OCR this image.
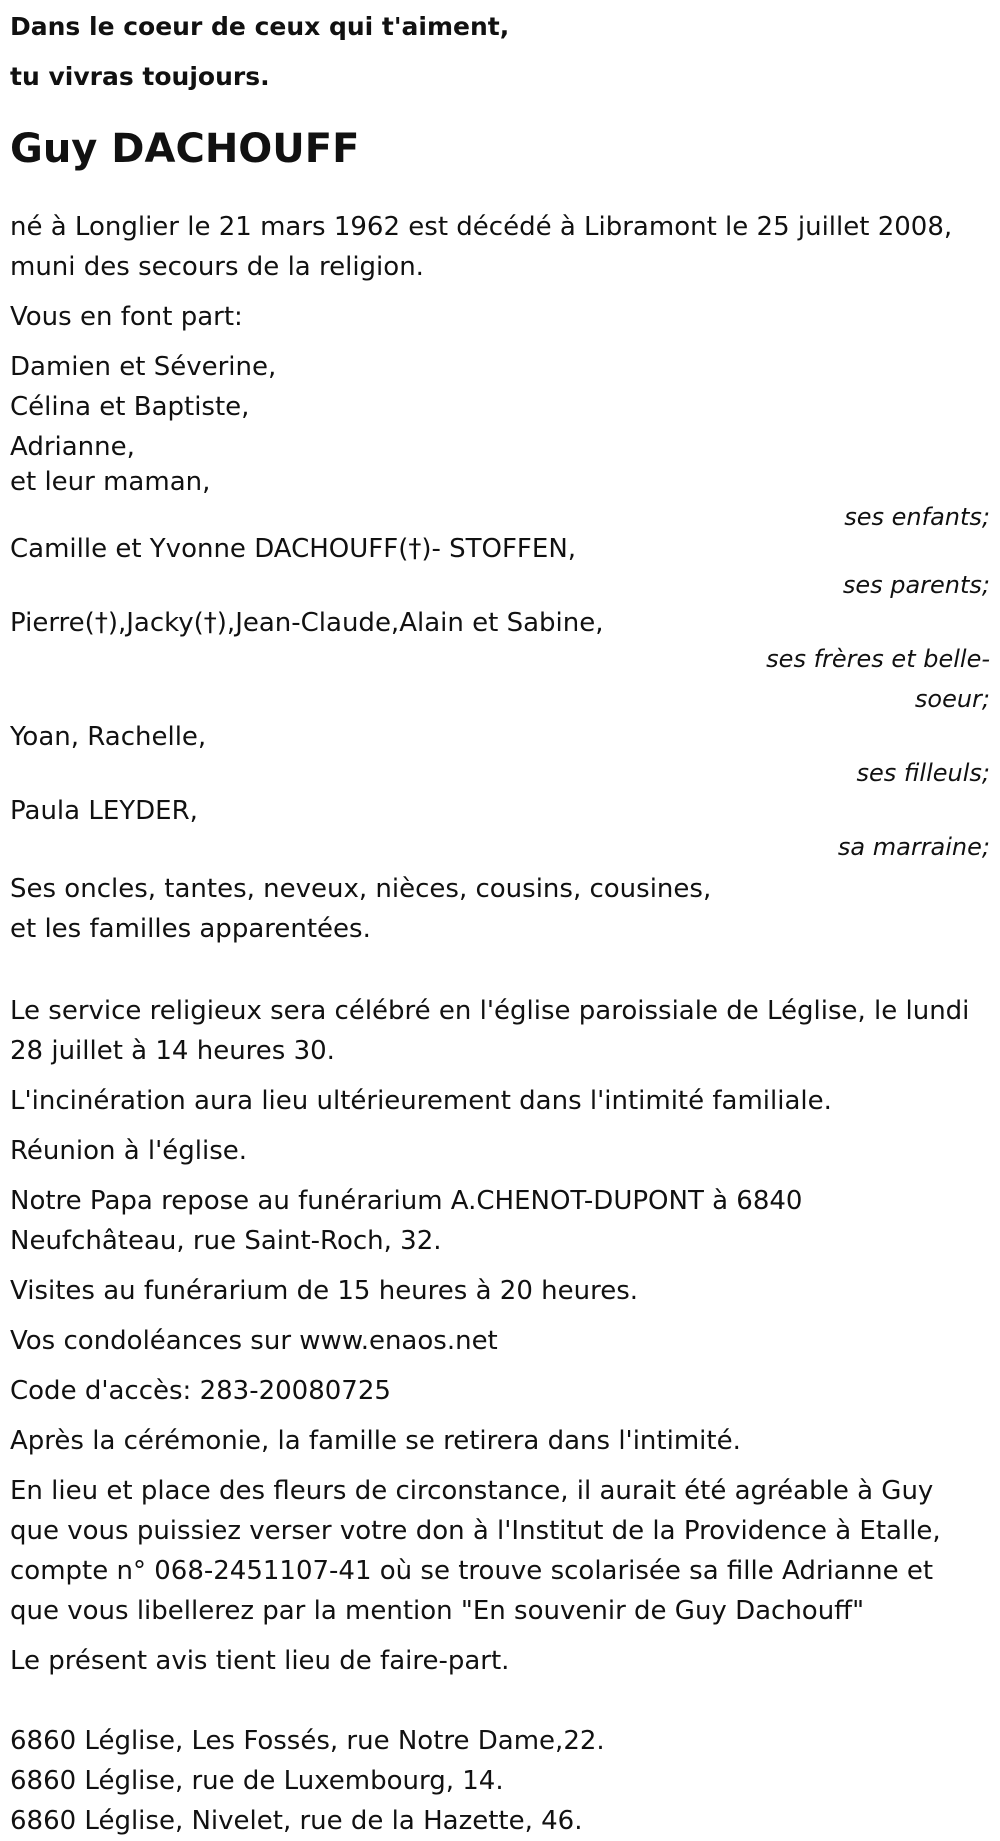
Dans le coeur de ceux qui t'aiment,
tu vivras toujours.
Guy DACHOUFF

né à Longlier le 21 mars 1962 est décédé à Libramont le 25 juillet 2008,
muni des secours de la religion.

Vous en font part:

Damien et Séverine,
Célina et Baptiste,
Adrianne,
et leur maman,
ses enfants;
Camille et Yvonne DACHOUFF(†)- STOFFEN,
ses parents;
Pierre(†),Jacky(†),Jean-Claude,Alain et Sabine,
ses frères et belle-
soeur;
Yoan, Rachelle,
ses filleuls;
Paula LEYDER,
sa marraine;

Ses oncles, tantes, neveux, nièces, cousins, cousines,
et les familles apparentées.

Le service religieux sera célébré en l'église paroissiale de Léglise, le lundi
28 juillet à 14 heures 30.

L'incinération aura lieu ultérieurement dans l'intimité familiale.

Réunion à l'église.

Notre Papa repose au funérarium A.CHENOT-DUPONT à 6840
Neufchâteau, rue Saint-Roch, 32.

Visites au funérarium de 15 heures à 20 heures.

Vos condoléances sur www.enaos.net

Code d'accès: 283-20080725

Après la cérémonie, la famille se retirera dans l'intimité.

En lieu et place des fleurs de circonstance, il aurait été agréable à Guy
que vous puissiez verser votre don à l'Institut de la Providence à Etalle,
compte n° 068-2451107-41 où se trouve scolarisée sa fille Adrianne et
que vous libellerez par la mention "En souvenir de Guy Dachouff"

Le présent avis tient lieu de faire-part.

6860 Léglise, Les Fossés, rue Notre Dame,22.
6860 Léglise, rue de Luxembourg, 14.
6860 Léglise, Nivelet, rue de la Hazette, 46.
